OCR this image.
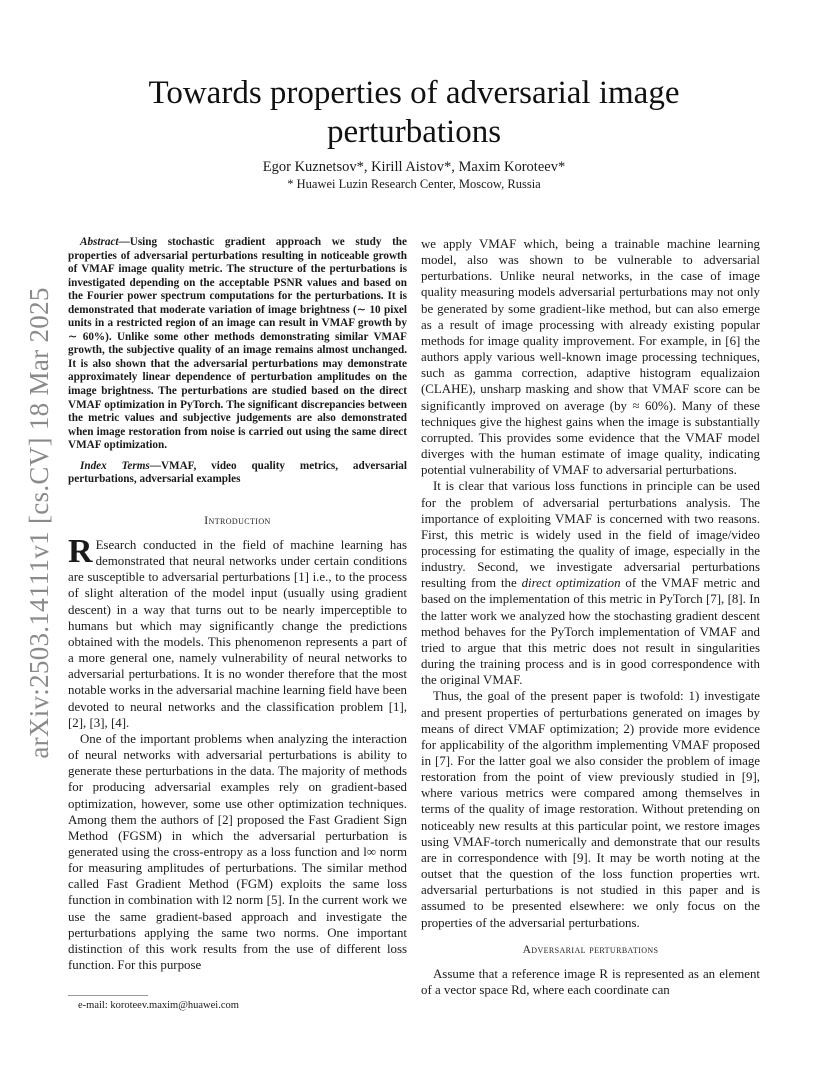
arXiv:2503.14111v1 [cs.CV] 18 Mar 2025
Towards properties of adversarial image perturbations
Egor Kuznetsov*, Kirill Aistov*, Maxim Koroteev*
* Huawei Luzin Research Center, Moscow, Russia

Abstract—Using stochastic gradient approach we study the properties of adversarial perturbations resulting in noticeable growth of VMAF image quality metric. The structure of the perturbations is investigated depending on the acceptable PSNR values and based on the Fourier power spectrum computations for the perturbations. It is demonstrated that moderate variation of image brightness (∼ 10 pixel units in a restricted region of an image can result in VMAF growth by ∼ 60%). Unlike some other methods demonstrating similar VMAF growth, the subjective quality of an image remains almost unchanged. It is also shown that the adversarial perturbations may demonstrate approximately linear dependence of perturbation amplitudes on the image brightness. The perturbations are studied based on the direct VMAF optimization in PyTorch. The significant discrepancies between the metric values and subjective judgements are also demonstrated when image restoration from noise is carried out using the same direct VMAF optimization.

Index Terms—VMAF, video quality metrics, adversarial perturbations, adversarial examples

Introduction

R Esearch conducted in the field of machine learning has demonstrated that neural networks under certain conditions are susceptible to adversarial perturbations [1] i.e., to the process of slight alteration of the model input (usually using gradient descent) in a way that turns out to be nearly imperceptible to humans but which may significantly change the predictions obtained with the models. This phenomenon represents a part of a more general one, namely vulnerability of neural networks to adversarial perturbations. It is no wonder therefore that the most notable works in the adversarial machine learning field have been devoted to neural networks and the classification problem [1], [2], [3], [4].

One of the important problems when analyzing the interaction of neural networks with adversarial perturbations is ability to generate these perturbations in the data. The majority of methods for producing adversarial examples rely on gradient-based optimization, however, some use other optimization techniques. Among them the authors of [2] proposed the Fast Gradient Sign Method (FGSM) in which the adversarial perturbation is generated using the cross-entropy as a loss function and l∞ norm for measuring amplitudes of perturbations. The similar method called Fast Gradient Method (FGM) exploits the same loss function in combination with l2 norm [5]. In the current work we use the same gradient-based approach and investigate the perturbations applying the same two norms. One important distinction of this work results from the use of different loss function. For this purpose

we apply VMAF which, being a trainable machine learning model, also was shown to be vulnerable to adversarial perturbations. Unlike neural networks, in the case of image quality measuring models adversarial perturbations may not only be generated by some gradient-like method, but can also emerge as a result of image processing with already existing popular methods for image quality improvement. For example, in [6] the authors apply various well-known image processing techniques, such as gamma correction, adaptive histogram equalizaion (CLAHE), unsharp masking and show that VMAF score can be significantly improved on average (by ≈ 60%). Many of these techniques give the highest gains when the image is substantially corrupted. This provides some evidence that the VMAF model diverges with the human estimate of image quality, indicating potential vulnerability of VMAF to adversarial perturbations.

It is clear that various loss functions in principle can be used for the problem of adversarial perturbations analysis. The importance of exploiting VMAF is concerned with two reasons. First, this metric is widely used in the field of image/video processing for estimating the quality of image, especially in the industry. Second, we investigate adversarial perturbations resulting from the direct optimization of the VMAF metric and based on the implementation of this metric in PyTorch [7], [8]. In the latter work we analyzed how the stochasting gradient descent method behaves for the PyTorch implementation of VMAF and tried to argue that this metric does not result in singularities during the training process and is in good correspondence with the original VMAF.

Thus, the goal of the present paper is twofold: 1) investigate and present properties of perturbations generated on images by means of direct VMAF optimization; 2) provide more evidence for applicability of the algorithm implementing VMAF proposed in [7]. For the latter goal we also consider the problem of image restoration from the point of view previously studied in [9], where various metrics were compared among themselves in terms of the quality of image restoration. Without pretending on noticeably new results at this particular point, we restore images using VMAF-torch numerically and demonstrate that our results are in correspondence with [9]. It may be worth noting at the outset that the question of the loss function properties wrt. adversarial perturbations is not studied in this paper and is assumed to be presented elsewhere: we only focus on the properties of the adversarial perturbations.

Adversarial perturbations

Assume that a reference image R is represented as an element of a vector space Rd, where each coordinate can

e-mail: koroteev.maxim@huawei.com
